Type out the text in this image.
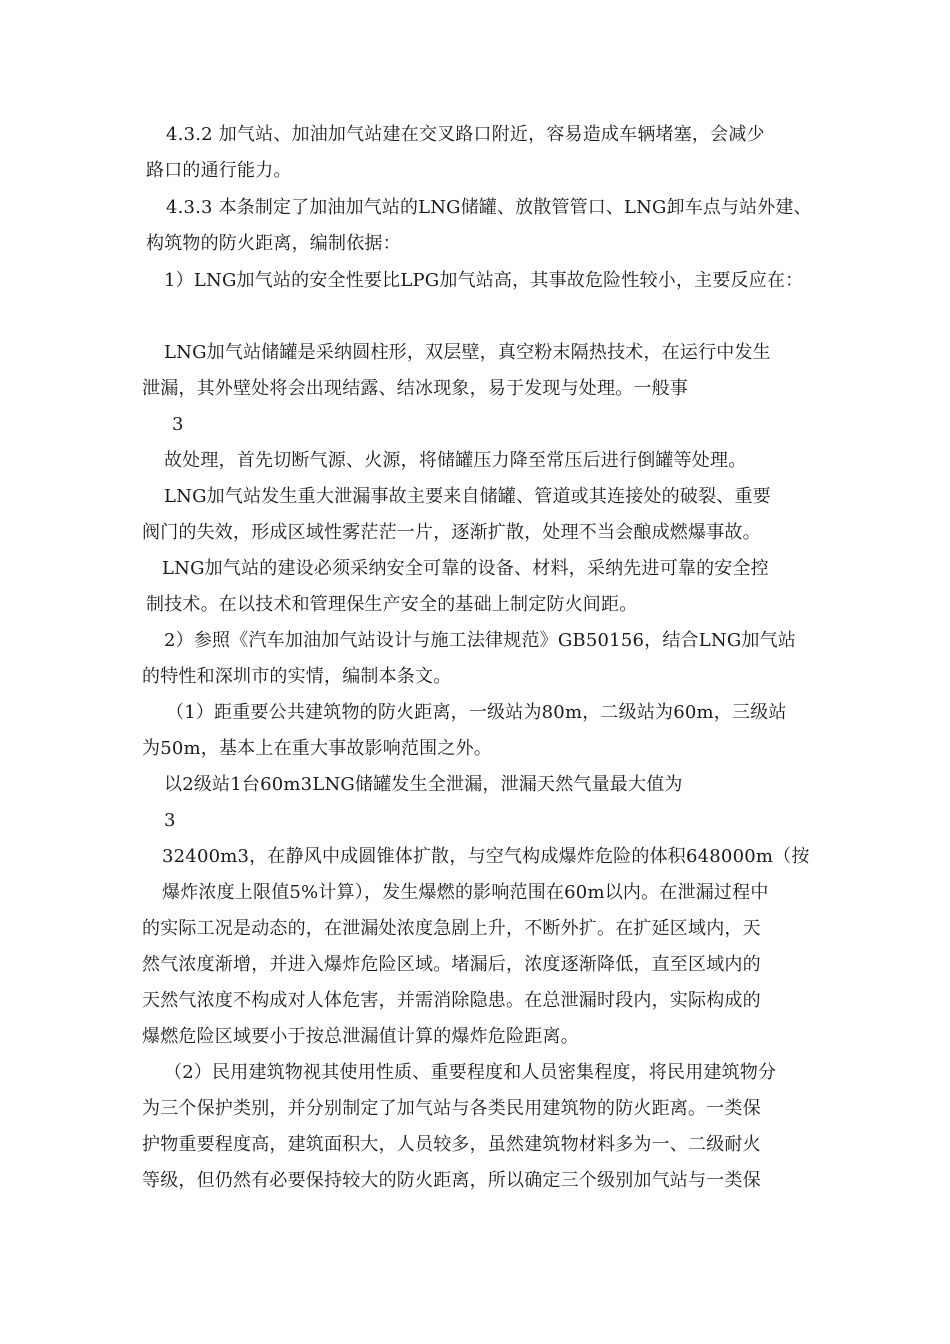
4.3.2 加气站、加油加气站建在交叉路口附近，容易造成车辆堵塞，会减少
路口的通行能力。
4.3.3 本条制定了加油加气站的LNG储罐、放散管管口、LNG卸车点与站外建、
构筑物的防火距离，编制依据：
1）LNG加气站的安全性要比LPG加气站高，其事故危险性较小，主要反应在：
LNG加气站储罐是采纳圆柱形，双层壁，真空粉末隔热技术，在运行中发生
泄漏，其外壁处将会出现结露、结冰现象，易于发现与处理。一般事
3
故处理，首先切断气源、火源，将储罐压力降至常压后进行倒罐等处理。
LNG加气站发生重大泄漏事故主要来自储罐、管道或其连接处的破裂、重要
阀门的失效，形成区域性雾茫茫一片，逐渐扩散，处理不当会酿成燃爆事故。
LNG加气站的建设必须采纳安全可靠的设备、材料，采纳先进可靠的安全控
制技术。在以技术和管理保生产安全的基础上制定防火间距。
2）参照《汽车加油加气站设计与施工法律规范》GB50156，结合LNG加气站
的特性和深圳市的实情，编制本条文。
（1）距重要公共建筑物的防火距离，一级站为80m，二级站为60m，三级站
为50m，基本上在重大事故影响范围之外。
以2级站1台60m3LNG储罐发生全泄漏，泄漏天然气量最大值为
3
32400m3，在静风中成圆锥体扩散，与空气构成爆炸危险的体积648000m（按
爆炸浓度上限值5%计算），发生爆燃的影响范围在60m以内。在泄漏过程中
的实际工况是动态的，在泄漏处浓度急剧上升，不断外扩。在扩延区域内，天
然气浓度渐增，并进入爆炸危险区域。堵漏后，浓度逐渐降低，直至区域内的
天然气浓度不构成对人体危害，并需消除隐患。在总泄漏时段内，实际构成的
爆燃危险区域要小于按总泄漏值计算的爆炸危险距离。
（2）民用建筑物视其使用性质、重要程度和人员密集程度，将民用建筑物分
为三个保护类别，并分别制定了加气站与各类民用建筑物的防火距离。一类保
护物重要程度高，建筑面积大，人员较多，虽然建筑物材料多为一、二级耐火
等级，但仍然有必要保持较大的防火距离，所以确定三个级别加气站与一类保
